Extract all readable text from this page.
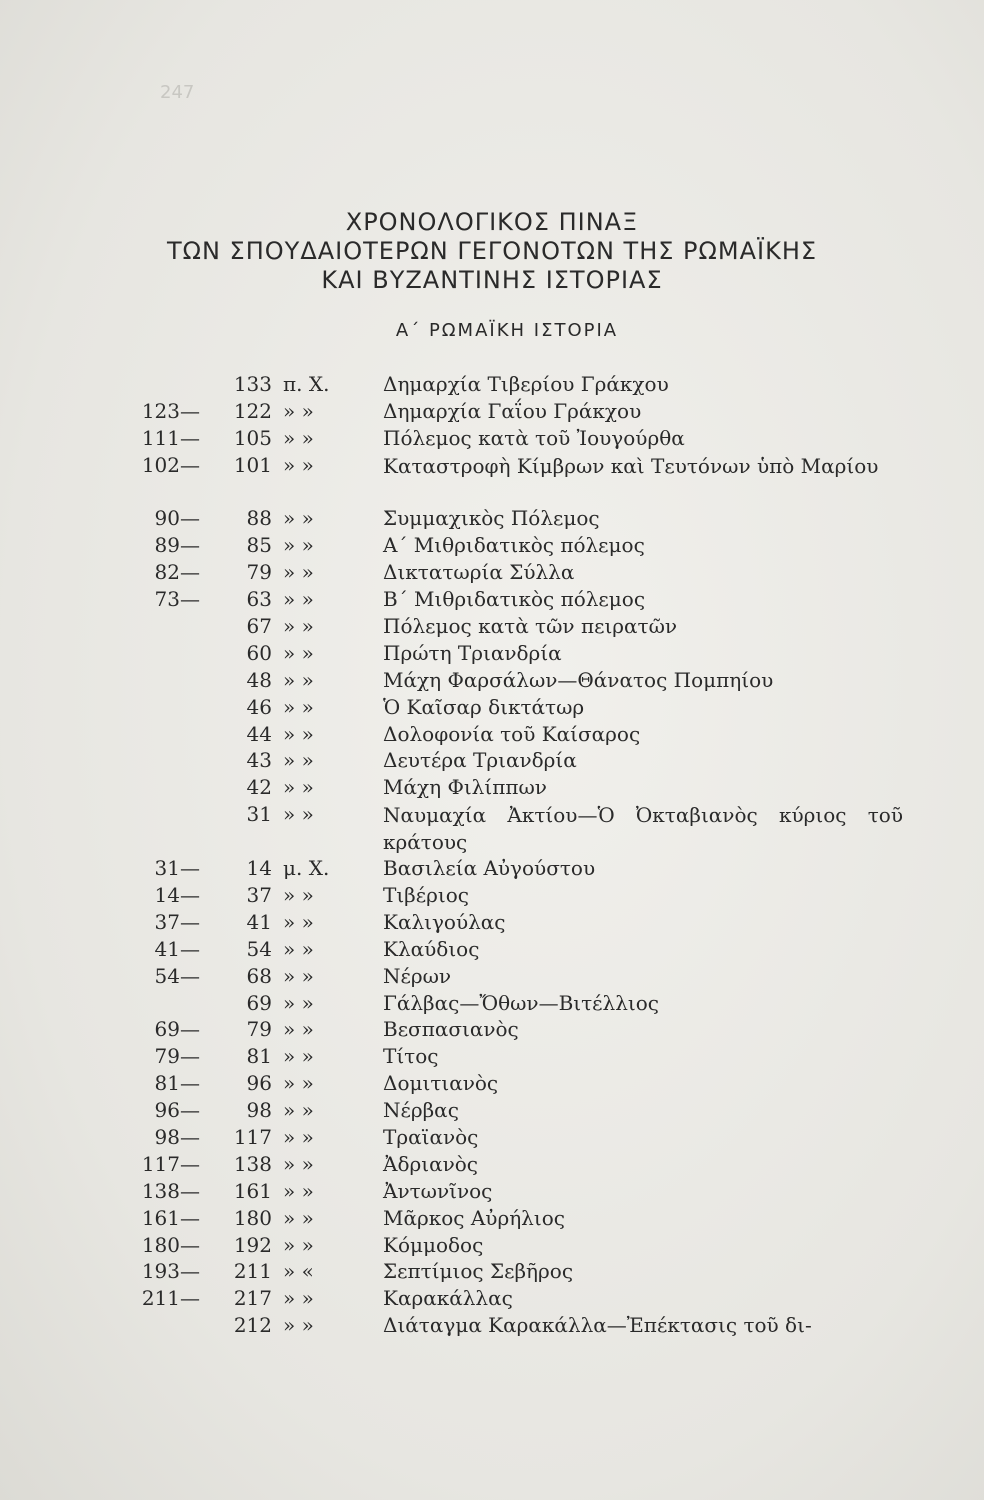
247
ΧΡΟΝΟΛΟΓΙΚΟΣ ΠΙΝΑΞ
ΤΩΝ ΣΠΟΥΔΑΙΟΤΕΡΩΝ ΓΕΓΟΝΟΤΩΝ ΤΗΣ ΡΩΜΑΪΚΗΣ
ΚΑΙ ΒΥΖΑΝΤΙΝΗΣ ΙΣΤΟΡΙΑΣ
Α΄ ΡΩΜΑΪΚΗ ΙΣΤΟΡΙΑ
133 π. Χ.	Δημαρχία Τιβερίου Γράκχου
123— 122 » »	Δημαρχία Γαΐου Γράκχου
111— 105 » »	Πόλεμος κατὰ τοῦ Ἰουγούρθα
102— 101 » »	Καταστροφὴ Κίμβρων καὶ Τευτόνων ὑπὸ Μαρίου
90— 88 » »	Συμμαχικὸς Πόλεμος
89— 85 » »	Α΄ Μιθριδατικὸς πόλεμος
82— 79 » »	Δικτατωρία Σύλλα
73— 63 » »	Β΄ Μιθριδατικὸς πόλεμος
67 » »	Πόλεμος κατὰ τῶν πειρατῶν
60 » »	Πρώτη Τριανδρία
48 » »	Μάχη Φαρσάλων—Θάνατος Πομπηίου
46 » »	Ὁ Καῖσαρ δικτάτωρ
44 » »	Δολοφονία τοῦ Καίσαρος
43 » »	Δευτέρα Τριανδρία
42 » »	Μάχη Φιλίππων
31 » »	Ναυμαχία Ἀκτίου—Ὁ Ὀκταβιανὸς κύριος τοῦ κράτους
31— 14 μ. Χ.	Βασιλεία Αὐγούστου
14— 37 » »	Τιβέριος
37— 41 » »	Καλιγούλας
41— 54 » »	Κλαύδιος
54— 68 » »	Νέρων
69 » »	Γάλβας—Ὄθων—Βιτέλλιος
69— 79 » »	Βεσπασιανὸς
79— 81 » »	Τίτος
81— 96 » »	Δομιτιανὸς
96— 98 » »	Νέρβας
98— 117 » »	Τραϊανὸς
117— 138 » »	Ἀδριανὸς
138— 161 » »	Ἀντωνῖνος
161— 180 » »	Μᾶρκος Αὐρήλιος
180— 192 » »	Κόμμοδος
193— 211 » «	Σεπτίμιος Σεβῆρος
211— 217 » »	Καρακάλλας
212 » »	Διάταγμα Καρακάλλα—Ἐπέκτασις τοῦ δι-
